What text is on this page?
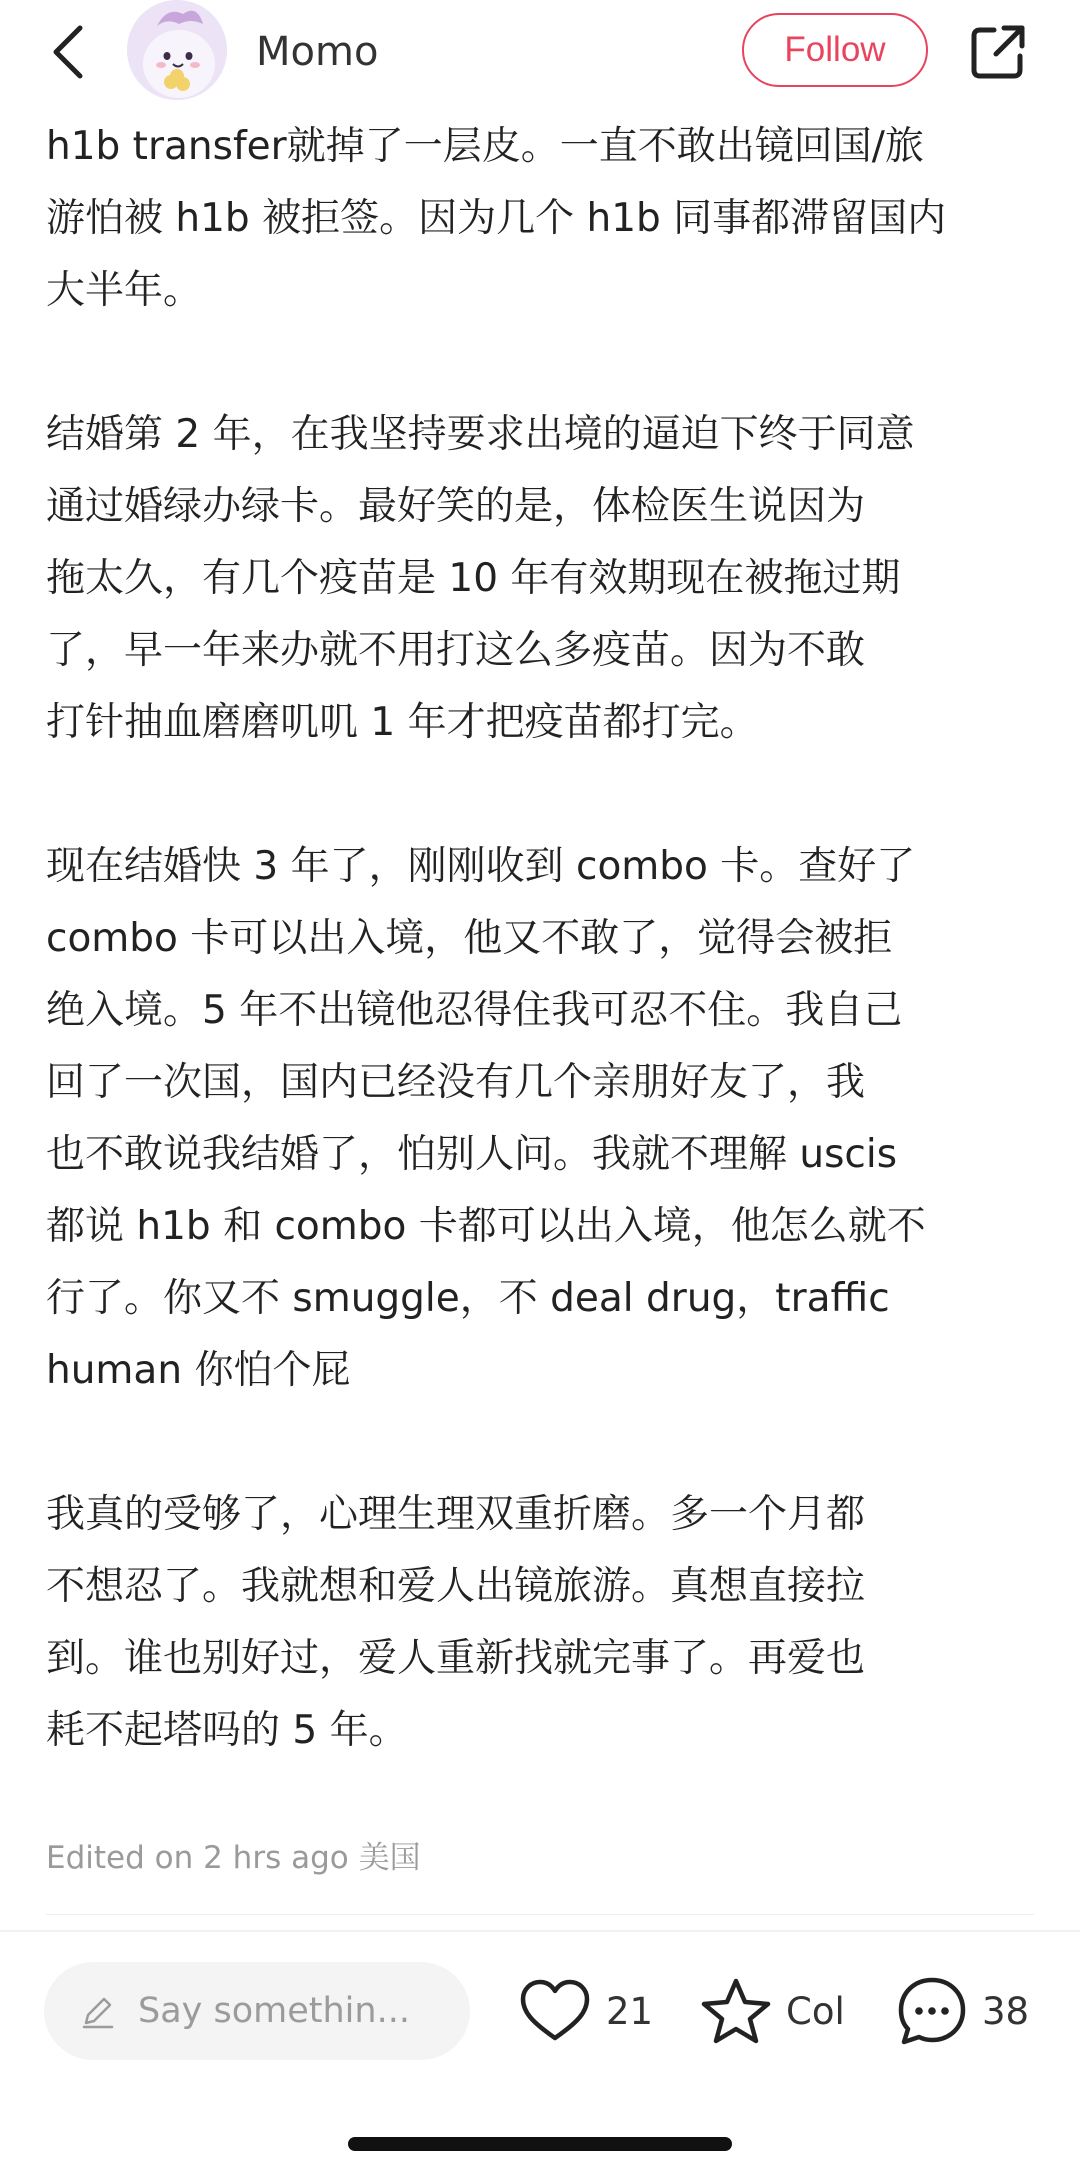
Momo	Follow

h1b transfer就掉了一层皮。一直不敢出镜回国/旅

游怕被 h1b 被拒签。因为几个 h1b 同事都滞留国内

大半年。

结婚第 2 年，在我坚持要求出境的逼迫下终于同意

通过婚绿办绿卡。最好笑的是，体检医生说因为

拖太久，有几个疫苗是 10 年有效期现在被拖过期

了，早一年来办就不用打这么多疫苗。因为不敢

打针抽血磨磨叽叽 1 年才把疫苗都打完。

现在结婚快 3 年了，刚刚收到 combo 卡。查好了

combo 卡可以出入境，他又不敢了，觉得会被拒

绝入境。5 年不出镜他忍得住我可忍不住。我自己

回了一次国，国内已经没有几个亲朋好友了，我

也不敢说我结婚了，怕别人问。我就不理解 uscis

都说 h1b 和 combo 卡都可以出入境，他怎么就不

行了。你又不 smuggle，不 deal drug，traffic

human 你怕个屁

我真的受够了，心理生理双重折磨。多一个月都

不想忍了。我就想和爱人出镜旅游。真想直接拉

到。谁也别好过，爱人重新找就完事了。再爱也

耗不起塔吗的 5 年。

Edited on 2 hrs ago 美国
Say somethin...	21	Col	38
